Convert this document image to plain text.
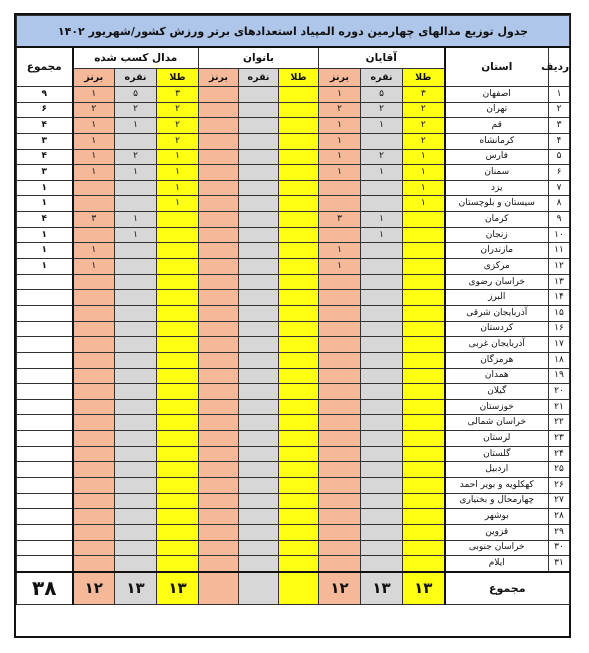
جدول توزیع مدالهای چهارمین دوره المپیاد استعدادهای برتر ورزش کشور/شهریور ۱۴۰۲											
ردیف	استان	آقایان			بانوان			مدال کسب شده			مجموع
		طلا	نقره	برنز	طلا	نقره	برنز	طلا	نقره	برنز	
۱	اصفهان	۳	۵	۱				۳	۵	۱	۹
۲	تهران	۲	۲	۲				۲	۲	۲	۶
۳	قم	۲	۱	۱				۲	۱	۱	۴
۴	کرمانشاه	۲		۱				۲		۱	۳
۵	فارس	۱	۲	۱				۱	۲	۱	۴
۶	سمنان	۱	۱	۱				۱	۱	۱	۳
۷	یزد	۱						۱			۱
۸	سیستان و بلوچستان	۱						۱			۱
۹	کرمان		۱	۳					۱	۳	۴
۱۰	زنجان		۱						۱		۱
۱۱	مازندران			۱						۱	۱
۱۲	مرکزی			۱						۱	۱
۱۳	خراسان رضوی										
۱۴	البرز										
۱۵	آذربایجان شرقی										
۱۶	کردستان										
۱۷	آذربایجان غربی										
۱۸	هرمزگان										
۱۹	همدان										
۲۰	گیلان										
۲۱	خوزستان										
۲۲	خراسان شمالی										
۲۳	لرستان										
۲۴	گلستان										
۲۵	اردبیل										
۲۶	کهکلویه و بویر احمد										
۲۷	چهارمحال و بختیاری										
۲۸	بوشهر										
۲۹	قزوین										
۳۰	خراسان جنوبی										
۳۱	ایلام										
مجموع		۱۳	۱۳	۱۲				۱۳	۱۳	۱۲	۳۸
